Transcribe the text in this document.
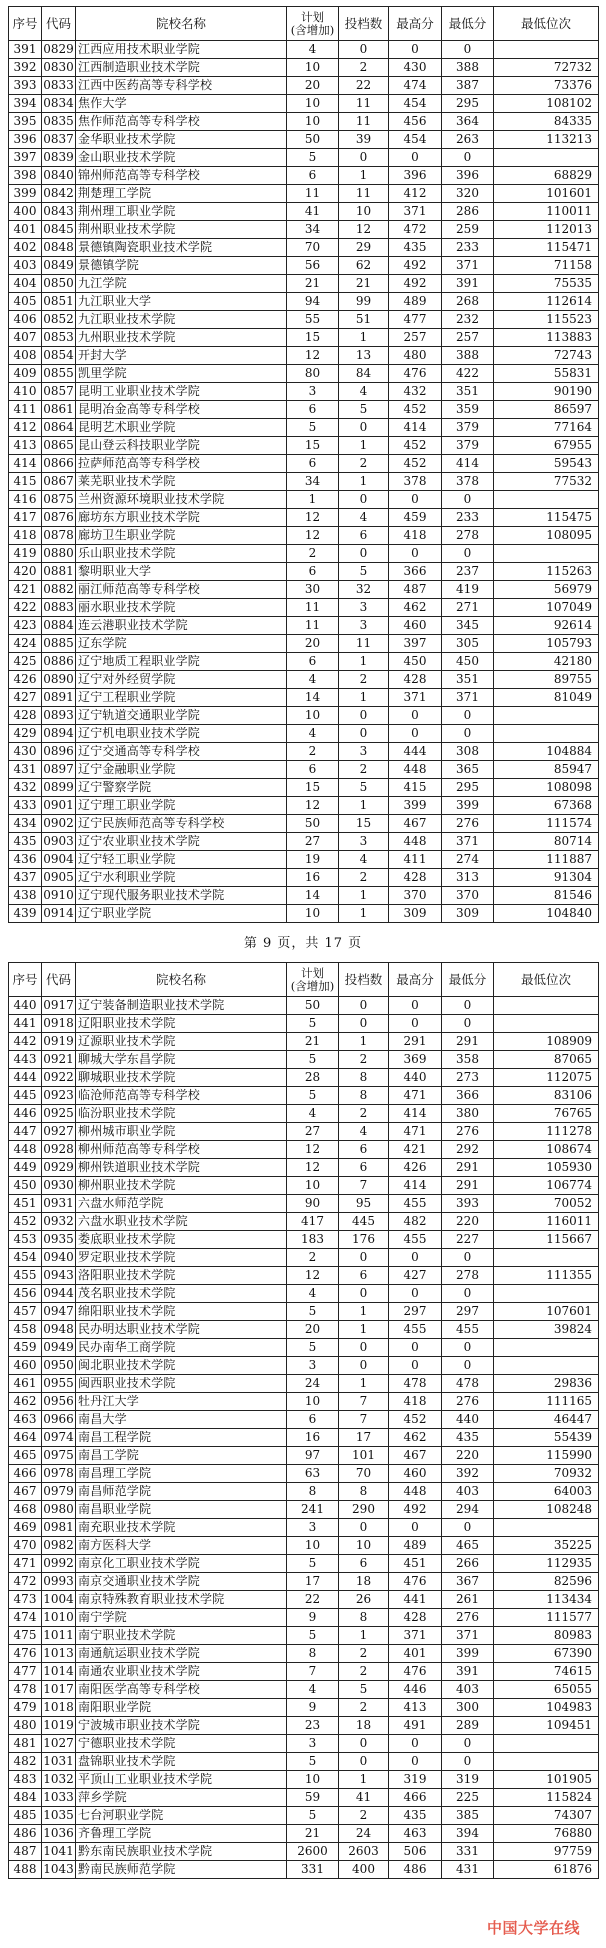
序号	代码	院校名称	计划
(含增加)	投档数	最高分	最低分	最低位次
391	0829	江西应用技术职业学院	4	0	0	0	
392	0830	江西制造职业技术学院	10	2	430	388	72732
393	0833	江西中医药高等专科学校	20	22	474	387	73376
394	0834	焦作大学	10	11	454	295	108102
395	0835	焦作师范高等专科学校	10	11	456	364	84335
396	0837	金华职业技术学院	50	39	454	263	113213
397	0839	金山职业技术学院	5	0	0	0	
398	0840	锦州师范高等专科学校	6	1	396	396	68829
399	0842	荆楚理工学院	11	11	412	320	101601
400	0843	荆州理工职业学院	41	10	371	286	110011
401	0845	荆州职业技术学院	34	12	472	259	112013
402	0848	景德镇陶瓷职业技术学院	70	29	435	233	115471
403	0849	景德镇学院	56	62	492	371	71158
404	0850	九江学院	21	21	492	391	75535
405	0851	九江职业大学	94	99	489	268	112614
406	0852	九江职业技术学院	55	51	477	232	115523
407	0853	九州职业技术学院	15	1	257	257	113883
408	0854	开封大学	12	13	480	388	72743
409	0855	凯里学院	80	84	476	422	55831
410	0857	昆明工业职业技术学院	3	4	432	351	90190
411	0861	昆明冶金高等专科学校	6	5	452	359	86597
412	0864	昆明艺术职业学院	5	0	414	379	77164
413	0865	昆山登云科技职业学院	15	1	452	379	67955
414	0866	拉萨师范高等专科学校	6	2	452	414	59543
415	0867	莱芜职业技术学院	34	1	378	378	77532
416	0875	兰州资源环境职业技术学院	1	0	0	0	
417	0876	廊坊东方职业技术学院	12	4	459	233	115475
418	0878	廊坊卫生职业学院	12	6	418	278	108095
419	0880	乐山职业技术学院	2	0	0	0	
420	0881	黎明职业大学	6	5	366	237	115263
421	0882	丽江师范高等专科学校	30	32	487	419	56979
422	0883	丽水职业技术学院	11	3	462	271	107049
423	0884	连云港职业技术学院	11	3	460	345	92614
424	0885	辽东学院	20	11	397	305	105793
425	0886	辽宁地质工程职业学院	6	1	450	450	42180
426	0890	辽宁对外经贸学院	4	2	428	351	89755
427	0891	辽宁工程职业学院	14	1	371	371	81049
428	0893	辽宁轨道交通职业学院	10	0	0	0	
429	0894	辽宁机电职业技术学院	4	0	0	0	
430	0896	辽宁交通高等专科学校	2	3	444	308	104884
431	0897	辽宁金融职业学院	6	2	448	365	85947
432	0899	辽宁警察学院	15	5	415	295	108098
433	0901	辽宁理工职业学院	12	1	399	399	67368
434	0902	辽宁民族师范高等专科学校	50	15	467	276	111574
435	0903	辽宁农业职业技术学院	27	3	448	371	80714
436	0904	辽宁轻工职业学院	19	4	411	274	111887
437	0905	辽宁水利职业学院	16	2	428	313	91304
438	0910	辽宁现代服务职业技术学院	14	1	370	370	81546
439	0914	辽宁职业学院	10	1	309	309	104840
第 9 页，共 17 页
序号	代码	院校名称	计划
(含增加)	投档数	最高分	最低分	最低位次
440	0917	辽宁装备制造职业技术学院	50	0	0	0	
441	0918	辽阳职业技术学院	5	0	0	0	
442	0919	辽源职业技术学院	21	1	291	291	108909
443	0921	聊城大学东昌学院	5	2	369	358	87065
444	0922	聊城职业技术学院	28	8	440	273	112075
445	0923	临沧师范高等专科学校	5	8	471	366	83106
446	0925	临汾职业技术学院	4	2	414	380	76765
447	0927	柳州城市职业学院	27	4	471	276	111278
448	0928	柳州师范高等专科学校	12	6	421	292	108674
449	0929	柳州铁道职业技术学院	12	6	426	291	105930
450	0930	柳州职业技术学院	10	7	414	291	106774
451	0931	六盘水师范学院	90	95	455	393	70052
452	0932	六盘水职业技术学院	417	445	482	220	116011
453	0935	娄底职业技术学院	183	176	455	227	115667
454	0940	罗定职业技术学院	2	0	0	0	
455	0943	洛阳职业技术学院	12	6	427	278	111355
456	0944	茂名职业技术学院	4	0	0	0	
457	0947	绵阳职业技术学院	5	1	297	297	107601
458	0948	民办明达职业技术学院	20	1	455	455	39824
459	0949	民办南华工商学院	5	0	0	0	
460	0950	闽北职业技术学院	3	0	0	0	
461	0955	闽西职业技术学院	24	1	478	478	29836
462	0956	牡丹江大学	10	7	418	276	111165
463	0966	南昌大学	6	7	452	440	46447
464	0974	南昌工程学院	16	17	462	435	55439
465	0975	南昌工学院	97	101	467	220	115990
466	0978	南昌理工学院	63	70	460	392	70932
467	0979	南昌师范学院	8	8	448	403	64003
468	0980	南昌职业学院	241	290	492	294	108248
469	0981	南充职业技术学院	3	0	0	0	
470	0982	南方医科大学	10	10	489	465	35225
471	0992	南京化工职业技术学院	5	6	451	266	112935
472	0993	南京交通职业技术学院	17	18	476	367	82596
473	1004	南京特殊教育职业技术学院	22	26	441	261	113434
474	1010	南宁学院	9	8	428	276	111577
475	1011	南宁职业技术学院	5	1	371	371	80983
476	1013	南通航运职业技术学院	8	2	401	399	67390
477	1014	南通农业职业技术学院	7	2	476	391	74615
478	1017	南阳医学高等专科学校	4	5	446	403	65055
479	1018	南阳职业学院	9	2	413	300	104983
480	1019	宁波城市职业技术学院	23	18	491	289	109451
481	1027	宁德职业技术学院	3	0	0	0	
482	1031	盘锦职业技术学院	5	0	0	0	
483	1032	平顶山工业职业技术学院	10	1	319	319	101905
484	1033	萍乡学院	59	41	466	225	115824
485	1035	七台河职业学院	5	2	435	385	74307
486	1036	齐鲁理工学院	21	24	463	394	76880
487	1041	黔东南民族职业技术学院	2600	2603	506	331	97759
488	1043	黔南民族师范学院	331	400	486	431	61876
中国大学在线
